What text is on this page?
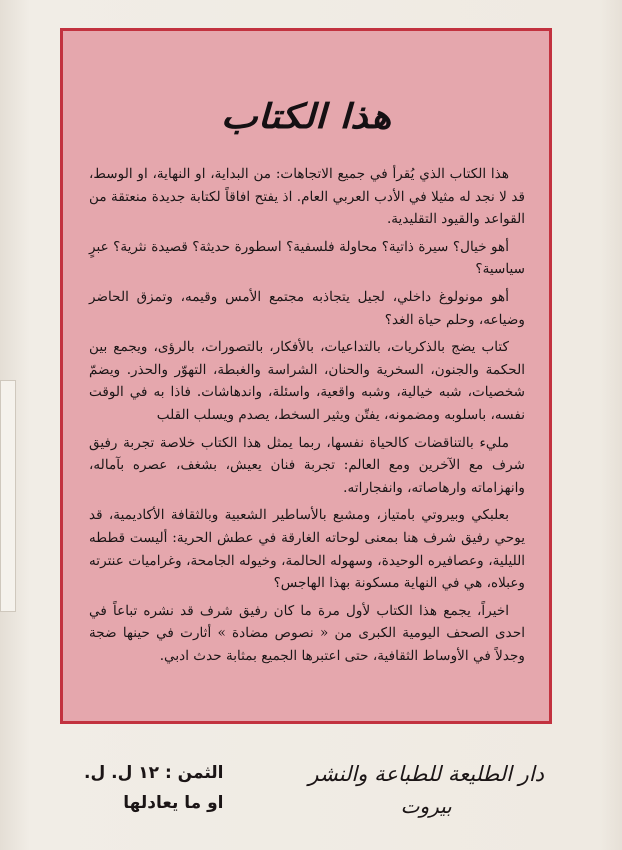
هذا الكتاب

هذا الكتاب الذي يُقرأ في جميع الاتجاهات: من البداية، او النهاية، او الوسط، قد لا نجد له مثيلا في الأدب العربي العام. اذ يفتح افاقاً لكتابة جديدة منعتقة من القواعد والقيود التقليدية.

أهو خيال؟ سيرة ذاتية؟ محاولة فلسفية؟ اسطورة حديثة؟ قصيدة نثرية؟ عبرٍ سياسية؟

أهو مونولوغ داخلي، لجيل يتجاذبه مجتمع الأمس وقيمه، وتمزق الحاضر وضياعه، وحلم حياة الغد؟

كتاب يضج بالذكريات، بالتداعيات، بالأفكار، بالتصورات، بالرؤى، ويجمع بين الحكمة والجنون، السخرية والحنان، الشراسة والغبطة، التهوّر والحذر. ويضمّ شخصيات، شبه خيالية، وشبه واقعية، واسئلة، واندهاشات. فاذا به في الوقت نفسه، باسلوبه ومضمونه، يفتّن ويثير السخط، يصدم ويسلب القلب

مليء بالتناقضات كالحياة نفسها، ربما يمثل هذا الكتاب خلاصة تجربة رفيق شرف مع الآخرين ومع العالم: تجربة فنان يعيش، بشغف، عصره بآماله، وانهزاماته وارهاصاته، وانفجاراته.

بعلبكي وبيروتي بامتياز، ومشبع بالأساطير الشعبية وبالثقافة الأكاديمية، قد يوحي رفيق شرف هنا بمعنى لوحاته الغارقة في عطش الحرية: أليست قططه الليلية، وعصافيره الوحيدة، وسهوله الحالمة، وخيوله الجامحة، وغراميات عنترته وعبلاه، هي في النهاية مسكونة بهذا الهاجس؟

اخيراً، يجمع هذا الكتاب لأول مرة ما كان رفيق شرف قد نشره تباعاً في احدى الصحف اليومية الكبرى من « نصوص مضادة » أثارت في حينها ضجة وجدلاً في الأوساط الثقافية، حتى اعتبرها الجميع بمثابة حدث ادبي.

دار الطليعة للطباعة والنشر
بيروت
الثمن : ١٢ ل. ل.
او ما يعادلها
